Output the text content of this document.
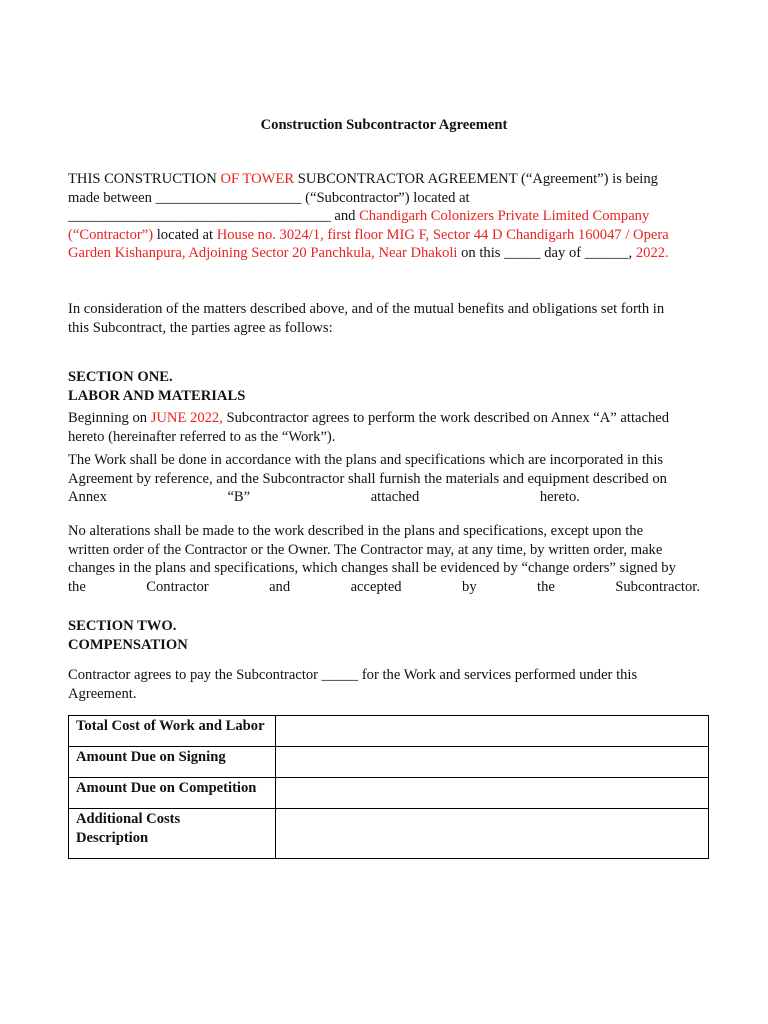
Construction Subcontractor Agreement
THIS CONSTRUCTION OF TOWER SUBCONTRACTOR AGREEMENT (“Agreement”) is being
made between ____________________ (“Subcontractor”) located at
____________________________________ and Chandigarh Colonizers Private Limited Company
(“Contractor”) located at House no. 3024/1, first floor MIG F, Sector 44 D Chandigarh 160047 / Opera
Garden Kishanpura, Adjoining Sector 20 Panchkula, Near Dhakoli on this _____ day of ______, 2022.
In consideration of the matters described above, and of the mutual benefits and obligations set forth in
this Subcontract, the parties agree as follows:
SECTION ONE.
LABOR AND MATERIALS
Beginning on JUNE 2022, Subcontractor agrees to perform the work described on Annex “A” attached
hereto (hereinafter referred to as the “Work”).
The Work shall be done in accordance with the plans and specifications which are incorporated in this
Agreement by reference, and the Subcontractor shall furnish the materials and equipment described on
Annex	“B”	attached	hereto.
No alterations shall be made to the work described in the plans and specifications, except upon the
written order of the Contractor or the Owner. The Contractor may, at any time, by written order, make
changes in the plans and specifications, which changes shall be evidenced by “change orders” signed by
the	Contractor	and	accepted	by	the	Subcontractor.
SECTION TWO.
COMPENSATION
Contractor agrees to pay the Subcontractor _____ for the Work and services performed under this
Agreement.
Total Cost of Work and Labor	
Amount Due on Signing	
Amount Due on Competition	

Additional Costs
Description	
